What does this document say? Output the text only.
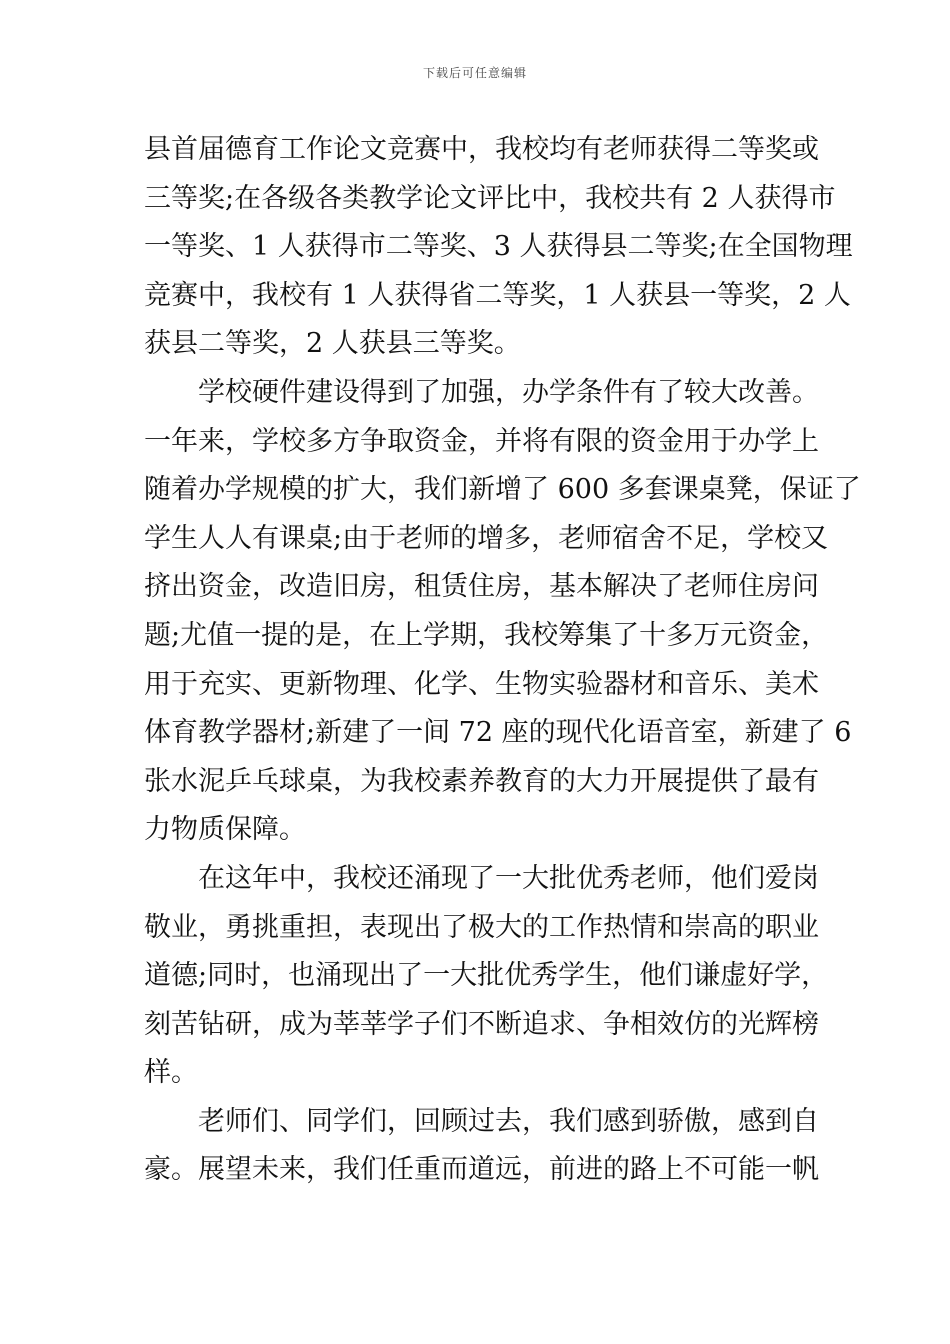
下载后可任意编辑
县首届德育工作论文竞赛中，我校均有老师获得二等奖或
三等奖;在各级各类教学论文评比中，我校共有 2 人获得市
一等奖、1 人获得市二等奖、3 人获得县二等奖;在全国物理
竞赛中，我校有 1 人获得省二等奖，1 人获县一等奖，2 人
获县二等奖，2 人获县三等奖。
　　学校硬件建设得到了加强，办学条件有了较大改善。
一年来，学校多方争取资金，并将有限的资金用于办学上
随着办学规模的扩大，我们新增了 600 多套课桌凳，保证了
学生人人有课桌;由于老师的增多，老师宿舍不足，学校又
挤出资金，改造旧房，租赁住房，基本解决了老师住房问
题;尤值一提的是，在上学期，我校筹集了十多万元资金，
用于充实、更新物理、化学、生物实验器材和音乐、美术
体育教学器材;新建了一间 72 座的现代化语音室，新建了 6
张水泥乒乓球桌，为我校素养教育的大力开展提供了最有
力物质保障。
　　在这年中，我校还涌现了一大批优秀老师，他们爱岗
敬业，勇挑重担，表现出了极大的工作热情和崇高的职业
道德;同时，也涌现出了一大批优秀学生，他们谦虚好学，
刻苦钻研，成为莘莘学子们不断追求、争相效仿的光辉榜
样。
　　老师们、同学们，回顾过去，我们感到骄傲，感到自
豪。展望未来，我们任重而道远，前进的路上不可能一帆
